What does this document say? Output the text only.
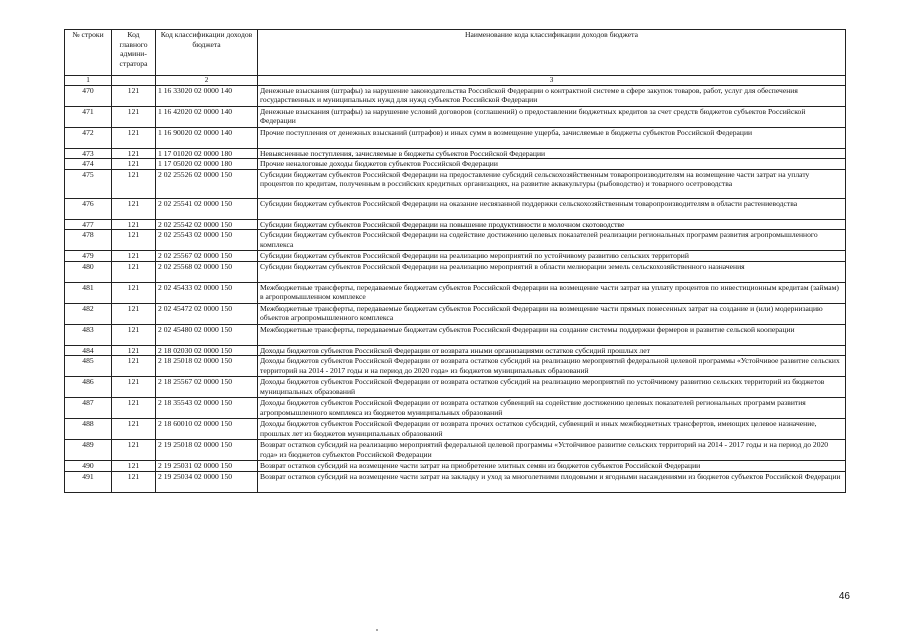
№ строки	Код главного админи-стратора	Код классификации доходов бюджета	Наименование кода классификации доходов бюджета
1		2	3
470	121	1 16 33020 02 0000 140	Денежные взыскания (штрафы) за нарушение законодательства Российской Федерации о контрактной системе в сфере закупок товаров, работ, услуг для обеспечения государственных и муниципальных нужд для нужд субъектов Российской Федерации
471	121	1 16 42020 02 0000 140	Денежные взыскания (штрафы) за нарушение условий договоров (соглашений) о предоставлении бюджетных кредитов за счет средств бюджетов субъектов Российской Федерации
472	121	1 16 90020 02 0000 140	Прочие поступления от денежных взысканий (штрафов) и иных сумм в возмещение ущерба, зачисляемые в бюджеты субъектов Российской Федерации
473	121	1 17 01020 02 0000 180	Невыясненные поступления, зачисляемые в бюджеты субъектов Российской Федерации
474	121	1 17 05020 02 0000 180	Прочие неналоговые доходы бюджетов субъектов Российской Федерации
475	121	2 02 25526 02 0000 150	Субсидии бюджетам субъектов Российской Федерации на предоставление субсидий сельскохозяйственным товаропроизводителям на возмещение части затрат на уплату процентов по кредитам, полученным в российских кредитных организациях, на развитие аквакультуры (рыбоводство) и товарного осетроводства
476	121	2 02 25541 02 0000 150	Субсидии бюджетам субъектов Российской Федерации на оказание несвязанной поддержки сельскохозяйственным товаропроизводителям в области растениеводства
477	121	2 02 25542 02 0000 150	Субсидии бюджетам субъектов Российской Федерации на повышение продуктивности в молочном скотоводстве
478	121	2 02 25543 02 0000 150	Субсидии бюджетам субъектов Российской Федерации на содействие достижению целевых показателей реализации региональных программ развития агропромышленного комплекса
479	121	2 02 25567 02 0000 150	Субсидии бюджетам субъектов Российской Федерации на реализацию мероприятий по устойчивому развитию сельских территорий
480	121	2 02 25568 02 0000 150	Субсидии бюджетам субъектов Российской Федерации на реализацию мероприятий в области мелиорации земель сельскохозяйственного назначения
481	121	2 02 45433 02 0000 150	Межбюджетные трансферты, передаваемые бюджетам субъектов Российской Федерации на возмещение части затрат на уплату процентов по инвестиционным кредитам (займам) в агропромышленном комплексе
482	121	2 02 45472 02 0000 150	Межбюджетные трансферты, передаваемые бюджетам субъектов Российской Федерации на возмещение части прямых понесенных затрат на создание и (или) модернизацию объектов агропромышленного комплекса
483	121	2 02 45480 02 0000 150	Межбюджетные трансферты, передаваемые бюджетам субъектов Российской Федерации на создание системы поддержки фермеров и развитие сельской кооперации
484	121	2 18 02030 02 0000 150	Доходы бюджетов субъектов Российской Федерации от возврата иными организациями остатков субсидий прошлых лет
485	121	2 18 25018 02 0000 150	Доходы бюджетов субъектов Российской Федерации от возврата остатков субсидий на реализацию мероприятий федеральной целевой программы «Устойчивое развитие сельских территорий на 2014 - 2017 годы и на период до 2020 года» из бюджетов муниципальных образований
486	121	2 18 25567 02 0000 150	Доходы бюджетов субъектов Российской Федерации от возврата остатков субсидий на реализацию мероприятий по устойчивому развитию сельских территорий из бюджетов муниципальных образований
487	121	2 18 35543 02 0000 150	Доходы бюджетов субъектов Российской Федерации от возврата остатков субвенций на содействие достижению целевых показателей региональных программ развития агропромышленного комплекса из бюджетов муниципальных образований
488	121	2 18 60010 02 0000 150	Доходы бюджетов субъектов Российской Федерации от возврата прочих остатков субсидий, субвенций и иных межбюджетных трансфертов, имеющих целевое назначение, прошлых лет из бюджетов муниципальных образований
489	121	2 19 25018 02 0000 150	Возврат остатков субсидий на реализацию мероприятий федеральной целевой программы «Устойчивое развитие сельских территорий на 2014 - 2017 годы и на период до 2020 года» из бюджетов субъектов Российской Федерации
490	121	2 19 25031 02 0000 150	Возврат остатков субсидий на возмещение части затрат на приобретение элитных семян из бюджетов субъектов Российской Федерации
491	121	2 19 25034 02 0000 150	Возврат остатков субсидий на возмещение части затрат на закладку и уход за многолетними плодовыми и ягодными насаждениями из бюджетов субъектов Российской Федерации
46
